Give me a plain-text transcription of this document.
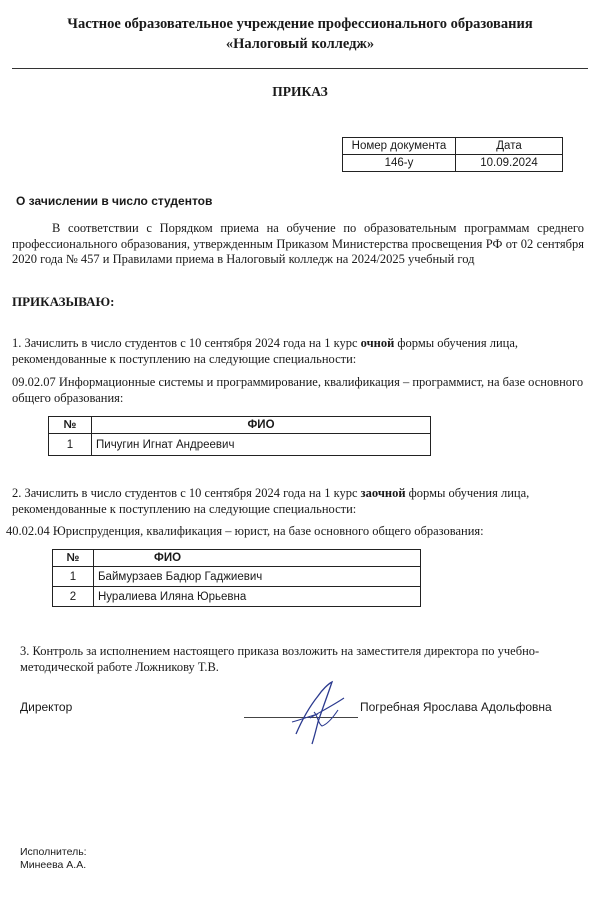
Частное образовательное учреждение профессионального образования
«Налоговый колледж»
ПРИКАЗ
Номер документа	Дата
146-у	10.09.2024
О зачислении в число студентов
В соответствии с Порядком приема на обучение по образовательным программам среднего профессионального образования, утвержденным Приказом Министерства просвещения РФ от 02 сентября 2020 года № 457 и Правилами приема в Налоговый колледж на 2024/2025 учебный год
ПРИКАЗЫВАЮ:
1. Зачислить в число студентов с 10 сентября 2024 года на 1 курс очной формы обучения лица, рекомендованные к поступлению на следующие специальности:
09.02.07 Информационные системы и программирование, квалификация – программист, на базе основного общего образования:
№	ФИО
1	Пичугин Игнат Андреевич
2. Зачислить в число студентов с 10 сентября 2024 года на 1 курс заочной формы обучения лица, рекомендованные к поступлению на следующие специальности:
40.02.04 Юриспруденция, квалификация – юрист, на базе основного общего образования:
№	ФИО
1	Баймурзаев Бадюр Гаджиевич
2	Нуралиева Иляна Юрьевна
3. Контроль за исполнением настоящего приказа возложить на заместителя директора по учебно-методической работе Ложникову Т.В.
Директор	Погребная Ярослава Адольфовна
Исполнитель:
Минеева А.А.
